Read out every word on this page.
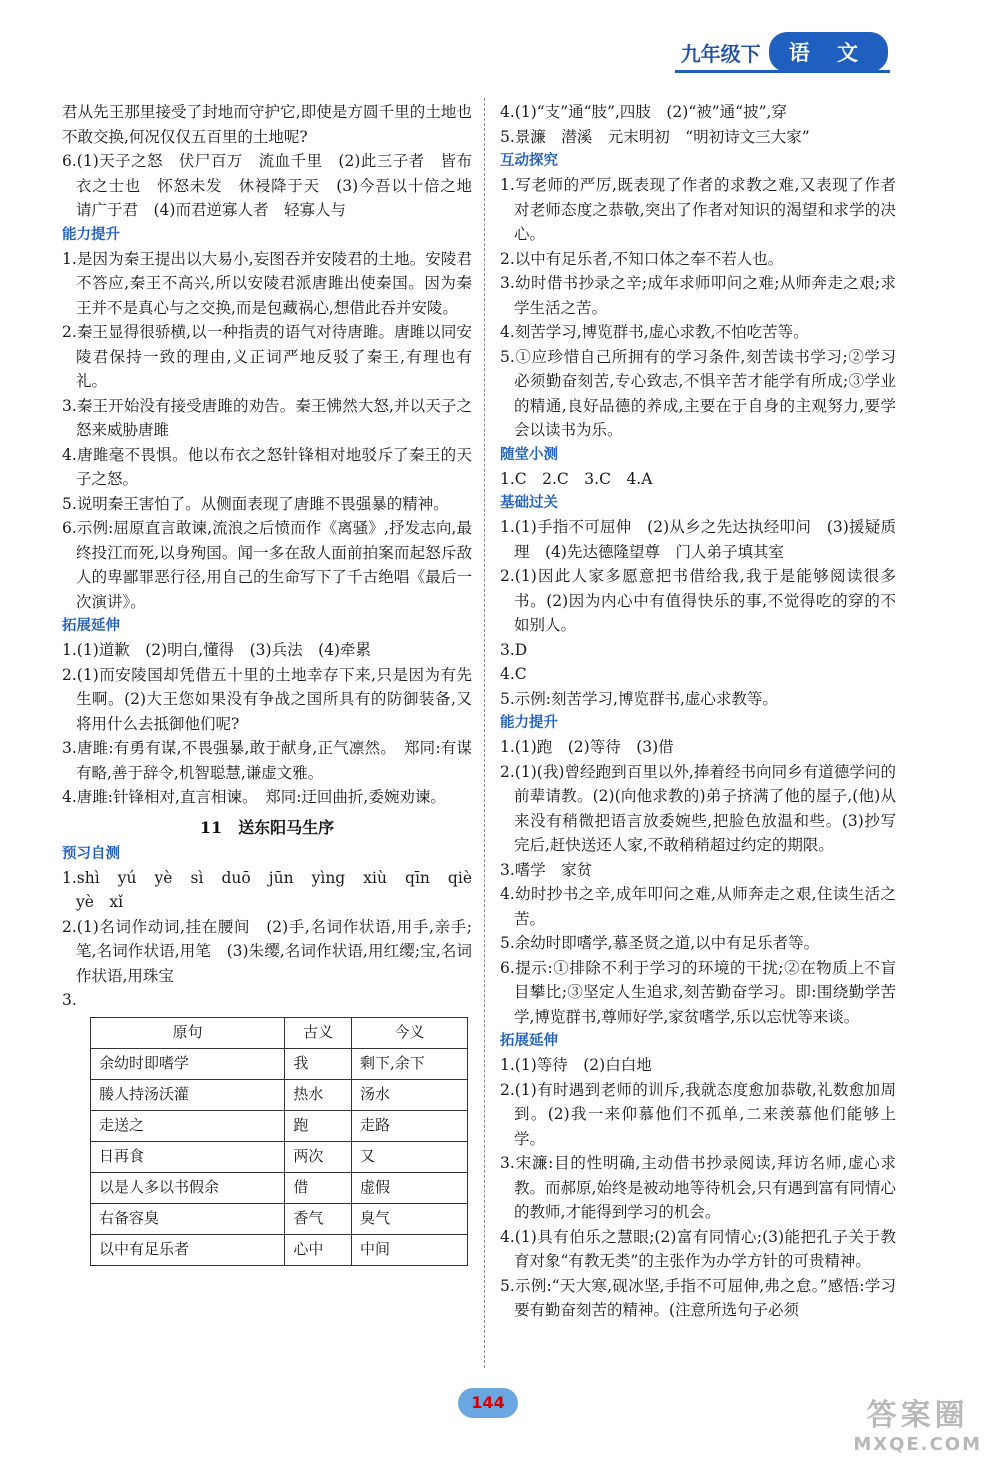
九年级下	语 文

君从先王那里接受了封地而守护它,即使是方圆千里的土地也不敢交换,何况仅仅五百里的土地呢?

6.(1)天子之怒　伏尸百万　流血千里　(2)此三子者　皆布衣之士也　怀怒未发　休祲降于天　(3)今吾以十倍之地　请广于君　(4)而君逆寡人者　轻寡人与

能力提升

1.是因为秦王提出以大易小,妄图吞并安陵君的土地。安陵君不答应,秦王不高兴,所以安陵君派唐雎出使秦国。因为秦王并不是真心与之交换,而是包藏祸心,想借此吞并安陵。

2.秦王显得很骄横,以一种指责的语气对待唐雎。唐雎以同安陵君保持一致的理由,义正词严地反驳了秦王,有理也有礼。

3.秦王开始没有接受唐雎的劝告。秦王怫然大怒,并以天子之怒来威胁唐雎

4.唐雎毫不畏惧。他以布衣之怒针锋相对地驳斥了秦王的天子之怒。

5.说明秦王害怕了。从侧面表现了唐雎不畏强暴的精神。

6.示例:屈原直言敢谏,流浪之后愤而作《离骚》,抒发志向,最终投江而死,以身殉国。闻一多在敌人面前拍案而起怒斥敌人的卑鄙罪恶行径,用自己的生命写下了千古绝唱《最后一次演讲》。

拓展延伸

1.(1)道歉　(2)明白,懂得　(3)兵法　(4)牵累

2.(1)而安陵国却凭借五十里的土地幸存下来,只是因为有先生啊。(2)大王您如果没有争战之国所具有的防御装备,又将用什么去抵御他们呢?

3.唐雎:有勇有谋,不畏强暴,敢于献身,正气凛然。　郑同:有谋有略,善于辞令,机智聪慧,谦虚文雅。

4.唐雎:针锋相对,直言相谏。　郑同:迂回曲折,委婉劝谏。

11　送东阳马生序

预习自测

1.shì　yú　yè　sì　duō　jūn　yìng　xiù　qīn　qiè　yè　xǐ

2.(1)名词作动词,挂在腰间　(2)手,名词作状语,用手,亲手;笔,名词作状语,用笔　(3)朱缨,名词作状语,用红缨;宝,名词作状语,用珠宝

3.

原句	古义	今义
余幼时即嗜学	我	剩下,余下
媵人持汤沃灌	热水	汤水
走送之	跑	走路
日再食	两次	又
以是人多以书假余	借	虚假
右备容臭	香气	臭气
以中有足乐者	心中	中间

4.(1)“支”通“肢”,四肢　(2)“被”通“披”,穿

5.景濂　潜溪　元末明初　“明初诗文三大家”

互动探究

1.写老师的严厉,既表现了作者的求教之难,又表现了作者对老师态度之恭敬,突出了作者对知识的渴望和求学的决心。

2.以中有足乐者,不知口体之奉不若人也。

3.幼时借书抄录之辛;成年求师叩问之难;从师奔走之艰;求学生活之苦。

4.刻苦学习,博览群书,虚心求教,不怕吃苦等。

5.①应珍惜自己所拥有的学习条件,刻苦读书学习;②学习必须勤奋刻苦,专心致志,不惧辛苦才能学有所成;③学业的精通,良好品德的养成,主要在于自身的主观努力,要学会以读书为乐。

随堂小测

1.C　2.C　3.C　4.A

基础过关

1.(1)手指不可屈伸　(2)从乡之先达执经叩问　(3)援疑质理　(4)先达德隆望尊　门人弟子填其室

2.(1)因此人家多愿意把书借给我,我于是能够阅读很多书。(2)因为内心中有值得快乐的事,不觉得吃的穿的不如别人。

3.D

4.C

5.示例:刻苦学习,博览群书,虚心求教等。

能力提升

1.(1)跑　(2)等待　(3)借

2.(1)(我)曾经跑到百里以外,捧着经书向同乡有道德学问的前辈请教。(2)(向他求教的)弟子挤满了他的屋子,(他)从来没有稍微把语言放委婉些,把脸色放温和些。(3)抄写完后,赶快送还人家,不敢稍稍超过约定的期限。

3.嗜学　家贫

4.幼时抄书之辛,成年叩问之难,从师奔走之艰,住读生活之苦。

5.余幼时即嗜学,慕圣贤之道,以中有足乐者等。

6.提示:①排除不利于学习的环境的干扰;②在物质上不盲目攀比;③坚定人生追求,刻苦勤奋学习。即:围绕勤学苦学,博览群书,尊师好学,家贫嗜学,乐以忘忧等来谈。

拓展延伸

1.(1)等待　(2)白白地

2.(1)有时遇到老师的训斥,我就态度愈加恭敬,礼数愈加周到。(2)我一来仰慕他们不孤单,二来羡慕他们能够上学。

3.宋濂:目的性明确,主动借书抄录阅读,拜访名师,虚心求教。而郝原,始终是被动地等待机会,只有遇到富有同情心的教师,才能得到学习的机会。

4.(1)具有伯乐之慧眼;(2)富有同情心;(3)能把孔子关于教育对象“有教无类”的主张作为办学方针的可贵精神。

5.示例:“天大寒,砚冰坚,手指不可屈伸,弗之怠。”感悟:学习要有勤奋刻苦的精神。(注意所选句子必须

144	答案圈
MXQE.COM
